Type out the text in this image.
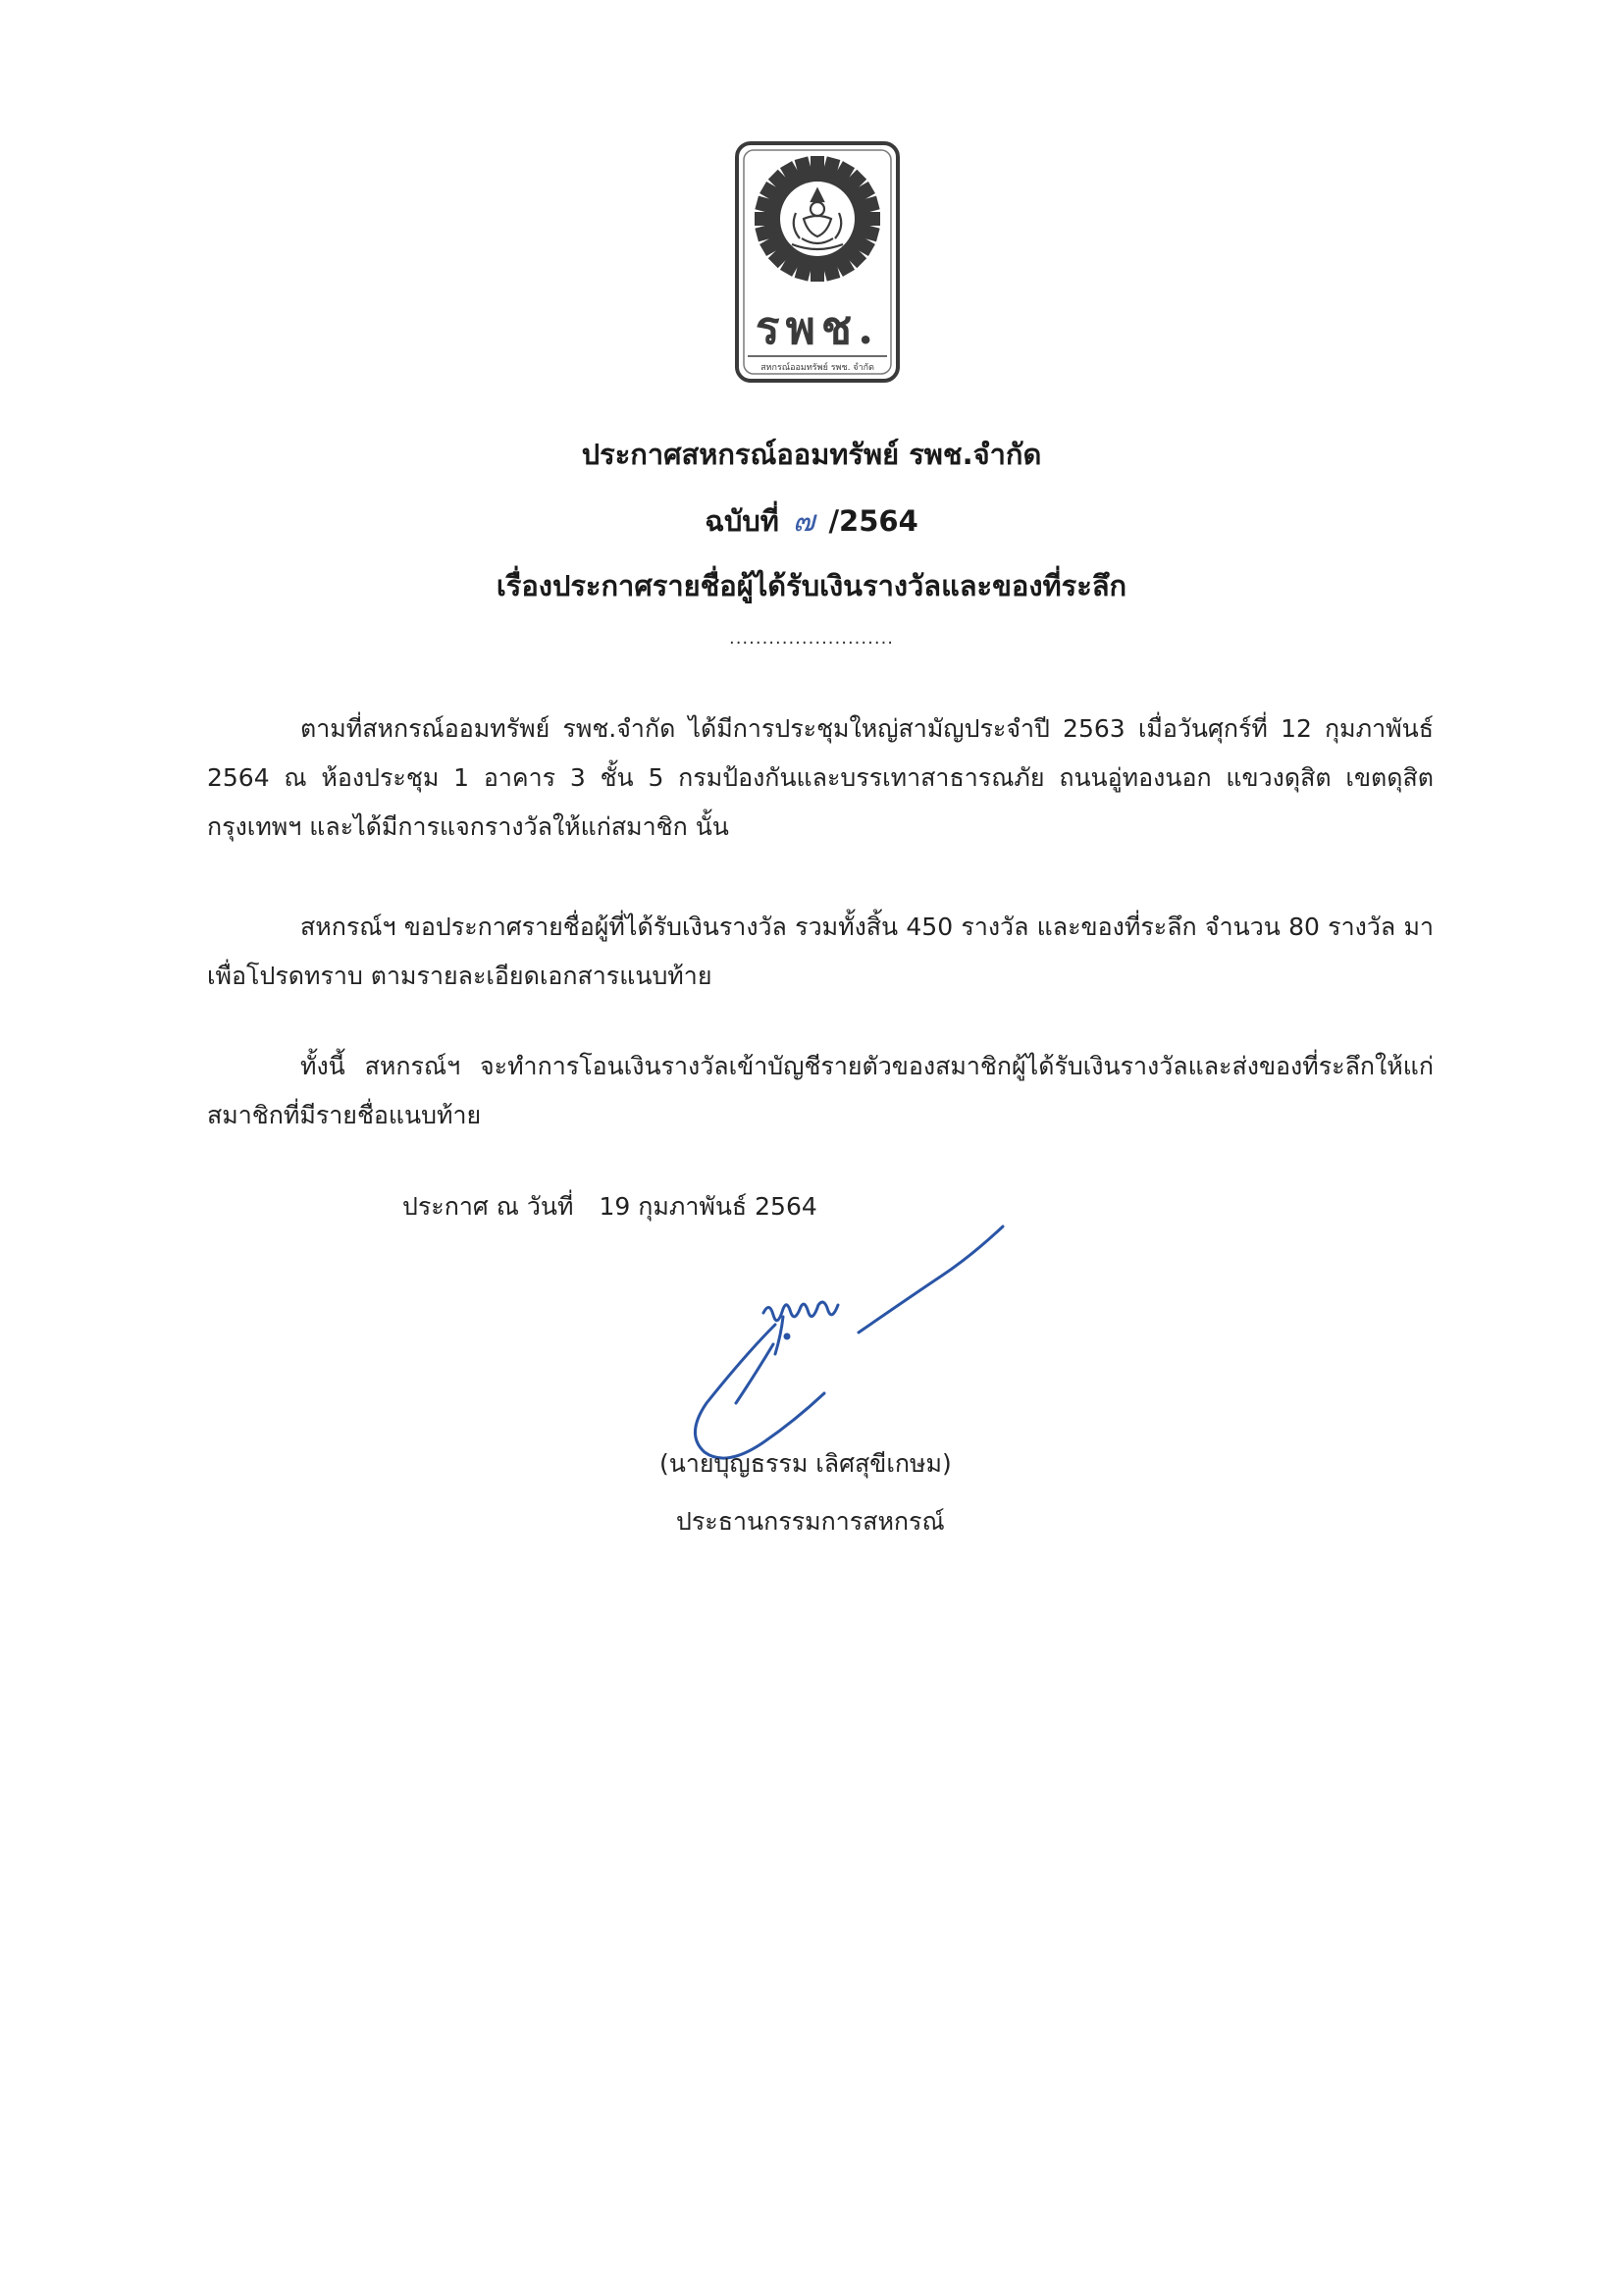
รพช.
สหกรณ์ออมทรัพย์ รพช. จำกัด
ประกาศสหกรณ์ออมทรัพย์ รพช.จำกัด
ฉบับที่ ๗ /2564
เรื่องประกาศรายชื่อผู้ได้รับเงินรางวัลและของที่ระลึก
.........................

ตามที่สหกรณ์ออมทรัพย์ รพช.จำกัด ได้มีการประชุมใหญ่สามัญประจำปี 2563 เมื่อวันศุกร์ที่ 12 กุมภาพันธ์ 2564 ณ ห้องประชุม 1 อาคาร 3 ชั้น 5 กรมป้องกันและบรรเทาสาธารณภัย ถนนอู่ทองนอก แขวงดุสิต เขตดุสิต กรุงเทพฯ และได้มีการแจกรางวัลให้แก่สมาชิก นั้น

สหกรณ์ฯ ขอประกาศรายชื่อผู้ที่ได้รับเงินรางวัล รวมทั้งสิ้น 450 รางวัล และของที่ระลึก จำนวน 80 รางวัล มาเพื่อโปรดทราบ ตามรายละเอียดเอกสารแนบท้าย

ทั้งนี้ สหกรณ์ฯ จะทำการโอนเงินรางวัลเข้าบัญชีรายตัวของสมาชิกผู้ได้รับเงินรางวัลและส่งของที่ระลึกให้แก่สมาชิกที่มีรายชื่อแนบท้าย

ประกาศ ณ วันที่ 19 กุมภาพันธ์ 2564
(นายบุญธรรม เลิศสุขีเกษม)
ประธานกรรมการสหกรณ์
